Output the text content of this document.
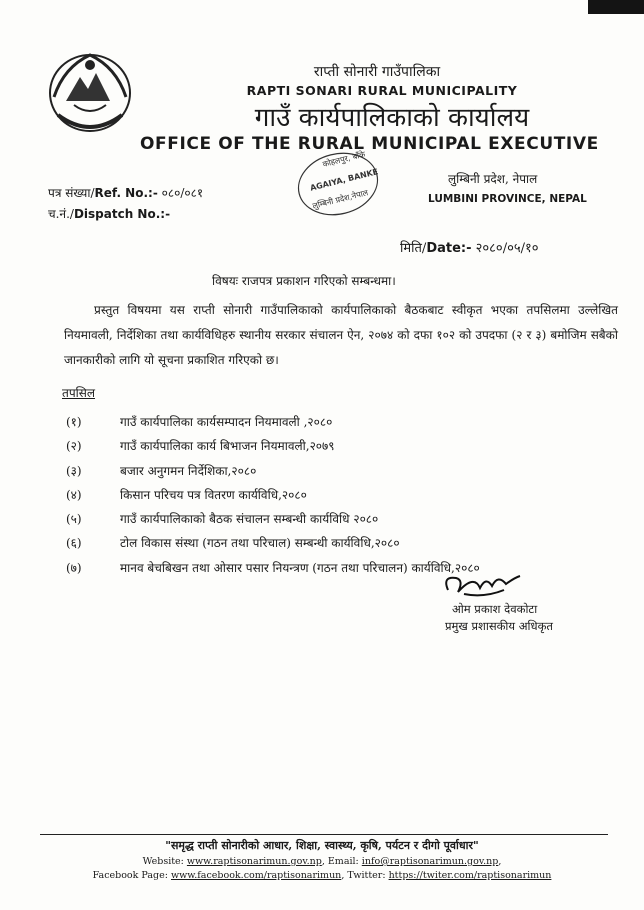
राप्ती सोनारी गाउँपालिका
RAPTI SONARI RURAL MUNICIPALITY
गाउँ कार्यपालिकाको कार्यालय
OFFICE OF THE RURAL MUNICIPAL EXECUTIVE
कोहलपुर, बाँके
AGAIYA, BANKE
लुम्बिनी प्रदेश,नेपाल
पत्र संख्या/Ref. No.:- ०८०/०८१
च.नं./Dispatch No.:-
लुम्बिनी प्रदेश, नेपाल
LUMBINI PROVINCE, NEPAL
मिति/Date:- २०८०/०५/१०
विषयः राजपत्र प्रकाशन गरिएको सम्बन्धमा।
प्रस्तुत विषयमा यस राप्ती सोनारी गाउँपालिकाको कार्यपालिकाको बैठकबाट स्वीकृत भएका तपसिलमा उल्लेखित नियमावली, निर्देशिका तथा कार्यविधिहरु स्थानीय सरकार संचालन ऐन, २०७४ को दफा १०२ को उपदफा (२ र ३) बमोजिम सबैको जानकारीको लागि यो सूचना प्रकाशित गरिएको छ।
तपसिल
(१)	गाउँ कार्यपालिका कार्यसम्पादन नियमावली ,२०८०
(२)	गाउँ कार्यपालिका कार्य बिभाजन नियमावली,२०७९
(३)	बजार अनुगमन निर्देशिका,२०८०
(४)	किसान परिचय पत्र वितरण कार्यविधि,२०८०
(५)	गाउँ कार्यपालिकाको बैठक संचालन सम्बन्धी कार्यविधि २०८०
(६)	टोल विकास संस्था (गठन तथा परिचाल) सम्बन्धी कार्यविधि,२०८०
(७)	मानव बेचबिखन तथा ओसार पसार नियन्त्रण (गठन तथा परिचालन) कार्यविधि,२०८०
ओम प्रकाश देवकोटा
प्रमुख प्रशासकीय अधिकृत
"समृद्ध राप्ती सोनारीको आधार, शिक्षा, स्वास्थ्य, कृषि, पर्यटन र दीगो पूर्वाधार"
Website: www.raptisonarimun.gov.np, Email: info@raptisonarimun.gov.np,
Facebook Page: www.facebook.com/raptisonarimun, Twitter: https://twiter.com/raptisonarimun
